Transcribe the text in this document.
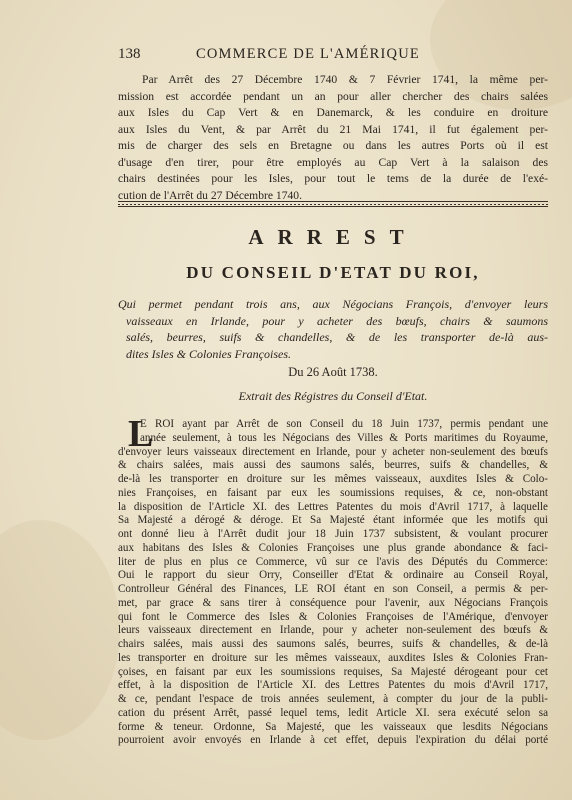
138	COMMERCE DE L'AMÉRIQUE
Par Arrêt des 27 Décembre 1740 & 7 Février 1741, la même per-
mission est accordée pendant un an pour aller chercher des chairs salées
aux Isles du Cap Vert & en Danemarck, & les conduire en droiture
aux Isles du Vent, & par Arrêt du 21 Mai 1741, il fut également per-
mis de charger des sels en Bretagne ou dans les autres Ports où il est
d'usage d'en tirer, pour être employés au Cap Vert à la salaison des
chairs destinées pour les Isles, pour tout le tems de la durée de l'exé-
cution de l'Arrêt du 27 Décembre 1740.
ARREST
DU CONSEIL D'ETAT DU ROI,
Qui permet pendant trois ans, aux Négocians François, d'envoyer leurs
vaisseaux en Irlande, pour y acheter des bœufs, chairs & saumons
salés, beurres, suifs & chandelles, & de les transporter de-là aus-
dites Isles & Colonies Françoises.
Du 26 Août 1738.
Extrait des Régistres du Conseil d'Etat.
L
E ROI ayant par Arrêt de son Conseil du 18 Juin 1737, permis pendant une
année seulement, à tous les Négocians des Villes & Ports maritimes du Royaume,
d'envoyer leurs vaisseaux directement en Irlande, pour y acheter non-seulement des bœufs
& chairs salées, mais aussi des saumons salés, beurres, suifs & chandelles, &
de-là les transporter en droiture sur les mêmes vaisseaux, auxdites Isles & Colo-
nies Françoises, en faisant par eux les soumissions requises, & ce, non-obstant
la disposition de l'Article XI. des Lettres Patentes du mois d'Avril 1717, à laquelle
Sa Majesté a dérogé & déroge. Et Sa Majesté étant informée que les motifs qui
ont donné lieu à l'Arrêt dudit jour 18 Juin 1737 subsistent, & voulant procurer
aux habitans des Isles & Colonies Françoises une plus grande abondance & faci-
liter de plus en plus ce Commerce, vû sur ce l'avis des Députés du Commerce:
Oui le rapport du sieur Orry, Conseiller d'Etat & ordinaire au Conseil Royal,
Controlleur Général des Finances, LE ROI étant en son Conseil, a permis & per-
met, par grace & sans tirer à conséquence pour l'avenir, aux Négocians François
qui font le Commerce des Isles & Colonies Françoises de l'Amérique, d'envoyer
leurs vaisseaux directement en Irlande, pour y acheter non-seulement des bœufs &
chairs salées, mais aussi des saumons salés, beurres, suifs & chandelles, & de-là
les transporter en droiture sur les mêmes vaisseaux, auxdites Isles & Colonies Fran-
çoises, en faisant par eux les soumissions requises, Sa Majesté dérogeant pour cet
effet, à la disposition de l'Article XI. des Lettres Patentes du mois d'Avril 1717,
& ce, pendant l'espace de trois années seulement, à compter du jour de la publi-
cation du présent Arrêt, passé lequel tems, ledit Article XI. sera exécuté selon sa
forme & teneur. Ordonne, Sa Majesté, que les vaisseaux que lesdits Négocians
pourroient avoir envoyés en Irlande à cet effet, depuis l'expiration du délai porté
